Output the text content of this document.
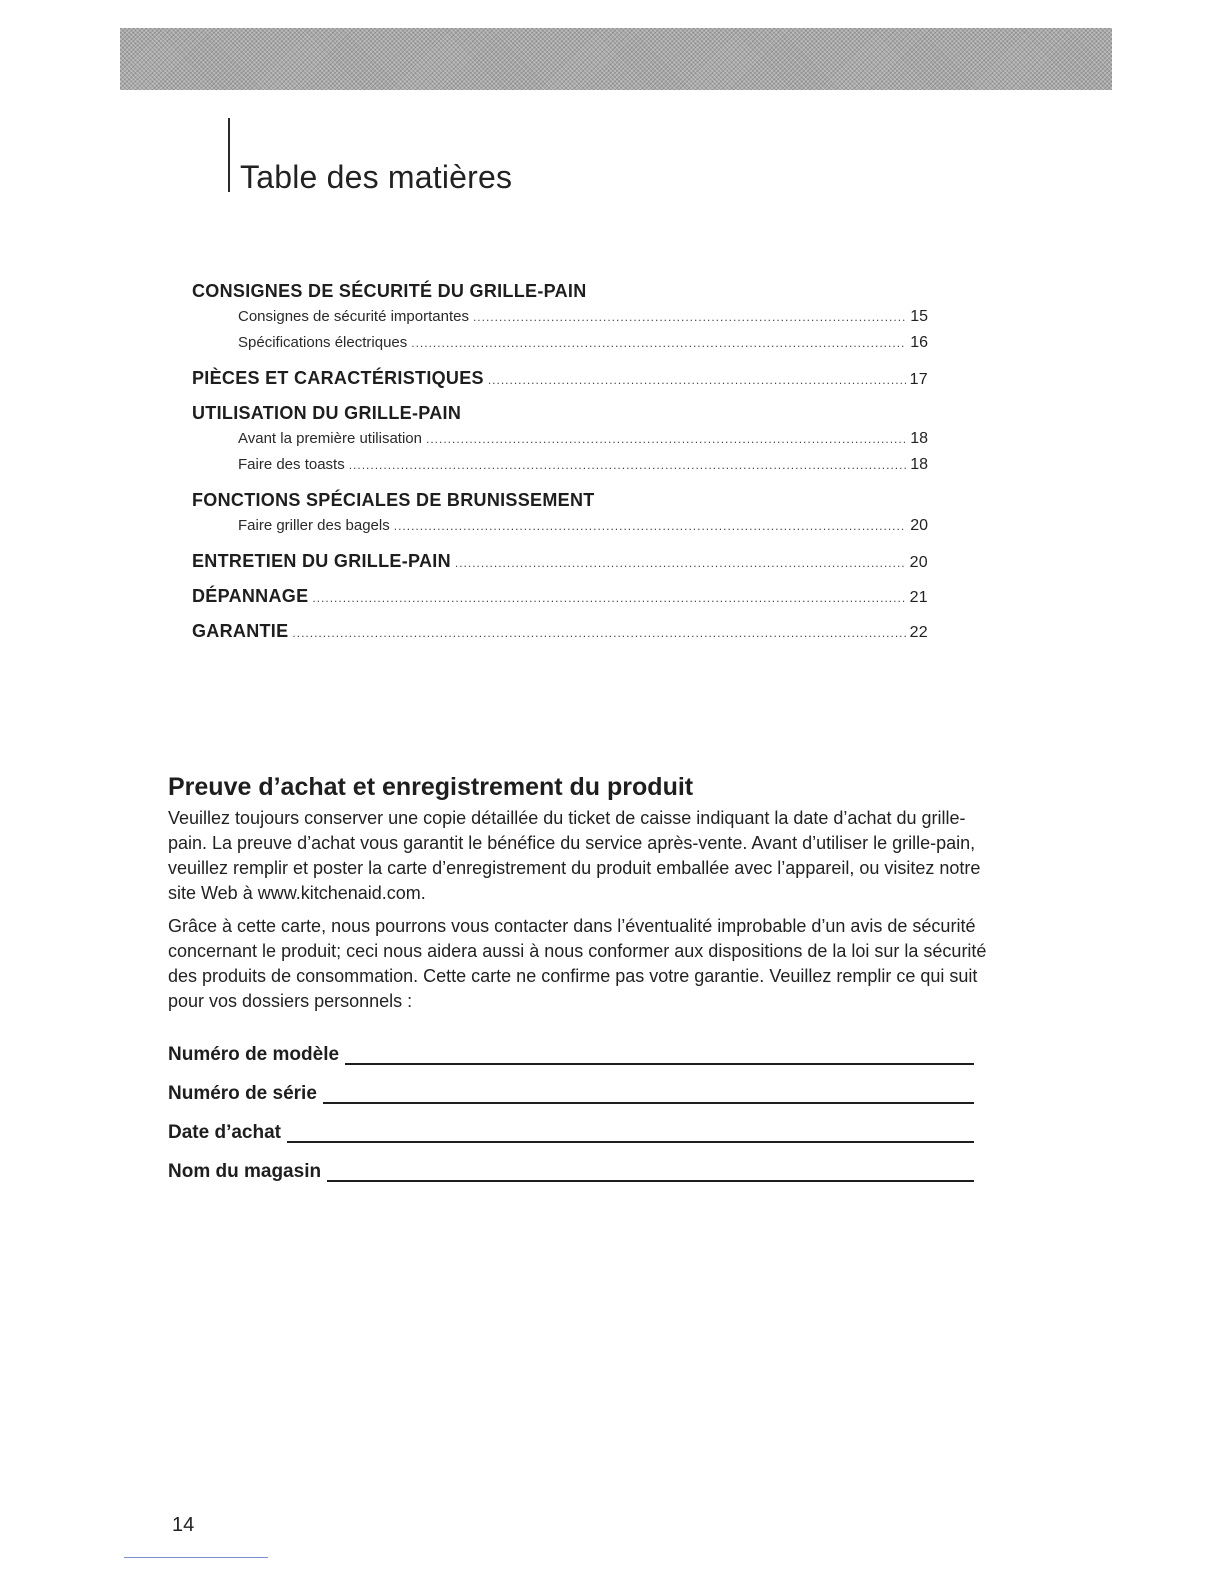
Table des matières
CONSIGNES DE SÉCURITÉ DU GRILLE-PAIN
Consignes de sécurité importantes .....	15
Spécifications électriques .....	16
PIÈCES ET CARACTÉRISTIQUES .....	17
UTILISATION DU GRILLE-PAIN
Avant la première utilisation .....	18
Faire des toasts .....	18
FONCTIONS SPÉCIALES DE BRUNISSEMENT
Faire griller des bagels .....	20
ENTRETIEN DU GRILLE-PAIN .....	20
DÉPANNAGE .....	21
GARANTIE .....	22
Preuve d’achat et enregistrement du produit

Veuillez toujours conserver une copie détaillée du ticket de caisse indiquant la date d’achat du grille-pain. La preuve d’achat vous garantit le bénéfice du service après-vente. Avant d’utiliser le grille-pain, veuillez remplir et poster la carte d’enregistrement du produit emballée avec l’appareil, ou visitez notre site Web à www.kitchenaid.com.

Grâce à cette carte, nous pourrons vous contacter dans l’éventualité improbable d’un avis de sécurité concernant le produit; ceci nous aidera aussi à nous conformer aux dispositions de la loi sur la sécurité des produits de consommation. Cette carte ne confirme pas votre garantie. Veuillez remplir ce qui suit pour vos dossiers personnels :

Numéro de modèle
Numéro de série
Date d’achat
Nom du magasin
14
